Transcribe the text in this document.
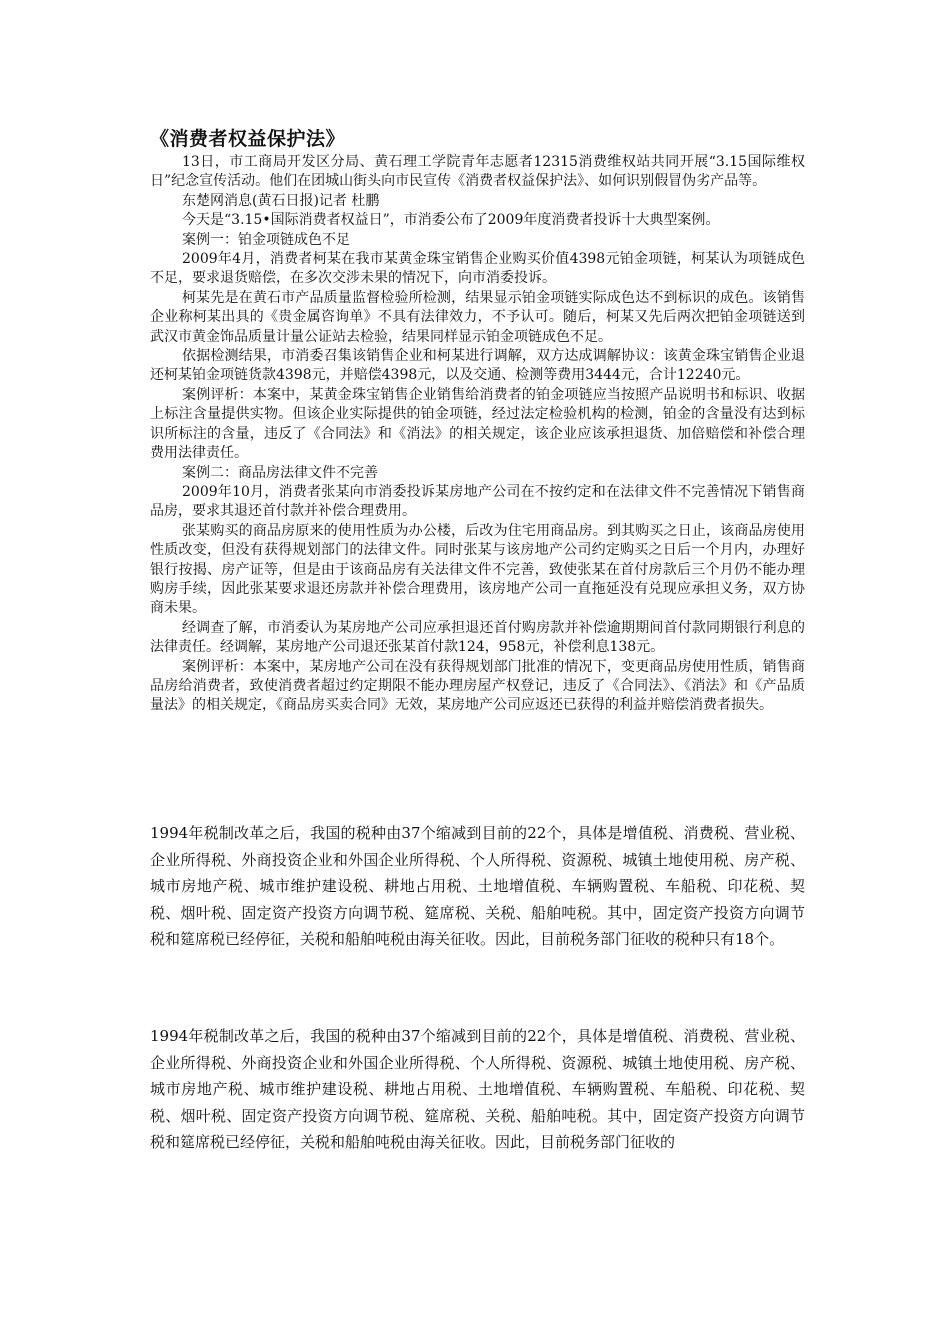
《消费者权益保护法》

13日，市工商局开发区分局、黄石理工学院青年志愿者12315消费维权站共同开展“3.15国际维权日”纪念宣传活动。他们在团城山街头向市民宣传《消费者权益保护法》、如何识别假冒伪劣产品等。

东楚网消息(黄石日报)记者 杜鹏

今天是“3.15•国际消费者权益日”，市消委公布了2009年度消费者投诉十大典型案例。

案例一：铂金项链成色不足

2009年4月，消费者柯某在我市某黄金珠宝销售企业购买价值4398元铂金项链，柯某认为项链成色不足，要求退货赔偿，在多次交涉未果的情况下，向市消委投诉。

柯某先是在黄石市产品质量监督检验所检测，结果显示铂金项链实际成色达不到标识的成色。该销售企业称柯某出具的《贵金属咨询单》不具有法律效力，不予认可。随后，柯某又先后两次把铂金项链送到武汉市黄金饰品质量计量公证站去检验，结果同样显示铂金项链成色不足。

依据检测结果，市消委召集该销售企业和柯某进行调解，双方达成调解协议：该黄金珠宝销售企业退还柯某铂金项链货款4398元，并赔偿4398元，以及交通、检测等费用3444元，合计12240元。

案例评析：本案中，某黄金珠宝销售企业销售给消费者的铂金项链应当按照产品说明书和标识、收据上标注含量提供实物。但该企业实际提供的铂金项链，经过法定检验机构的检测，铂金的含量没有达到标识所标注的含量，违反了《合同法》和《消法》的相关规定，该企业应该承担退货、加倍赔偿和补偿合理费用法律责任。

案例二：商品房法律文件不完善

2009年10月，消费者张某向市消委投诉某房地产公司在不按约定和在法律文件不完善情况下销售商品房，要求其退还首付款并补偿合理费用。

张某购买的商品房原来的使用性质为办公楼，后改为住宅用商品房。到其购买之日止，该商品房使用性质改变，但没有获得规划部门的法律文件。同时张某与该房地产公司约定购买之日后一个月内，办理好银行按揭、房产证等，但是由于该商品房有关法律文件不完善，致使张某在首付房款后三个月仍不能办理购房手续，因此张某要求退还房款并补偿合理费用，该房地产公司一直拖延没有兑现应承担义务，双方协商未果。

经调查了解，市消委认为某房地产公司应承担退还首付购房款并补偿逾期期间首付款同期银行利息的法律责任。经调解，某房地产公司退还张某首付款124，958元，补偿利息138元。

案例评析：本案中，某房地产公司在没有获得规划部门批准的情况下，变更商品房使用性质，销售商品房给消费者，致使消费者超过约定期限不能办理房屋产权登记，违反了《合同法》、《消法》和《产品质量法》的相关规定，《商品房买卖合同》无效，某房地产公司应返还已获得的利益并赔偿消费者损失。

1994年税制改革之后，我国的税种由37个缩减到目前的22个，具体是增值税、消费税、营业税、企业所得税、外商投资企业和外国企业所得税、个人所得税、资源税、城镇土地使用税、房产税、城市房地产税、城市维护建设税、耕地占用税、土地增值税、车辆购置税、车船税、印花税、契税、烟叶税、固定资产投资方向调节税、筵席税、关税、船舶吨税。其中，固定资产投资方向调节税和筵席税已经停征，关税和船舶吨税由海关征收。因此，目前税务部门征收的税种只有18个。

1994年税制改革之后，我国的税种由37个缩减到目前的22个，具体是增值税、消费税、营业税、企业所得税、外商投资企业和外国企业所得税、个人所得税、资源税、城镇土地使用税、房产税、城市房地产税、城市维护建设税、耕地占用税、土地增值税、车辆购置税、车船税、印花税、契税、烟叶税、固定资产投资方向调节税、筵席税、关税、船舶吨税。其中，固定资产投资方向调节税和筵席税已经停征，关税和船舶吨税由海关征收。因此，目前税务部门征收的
